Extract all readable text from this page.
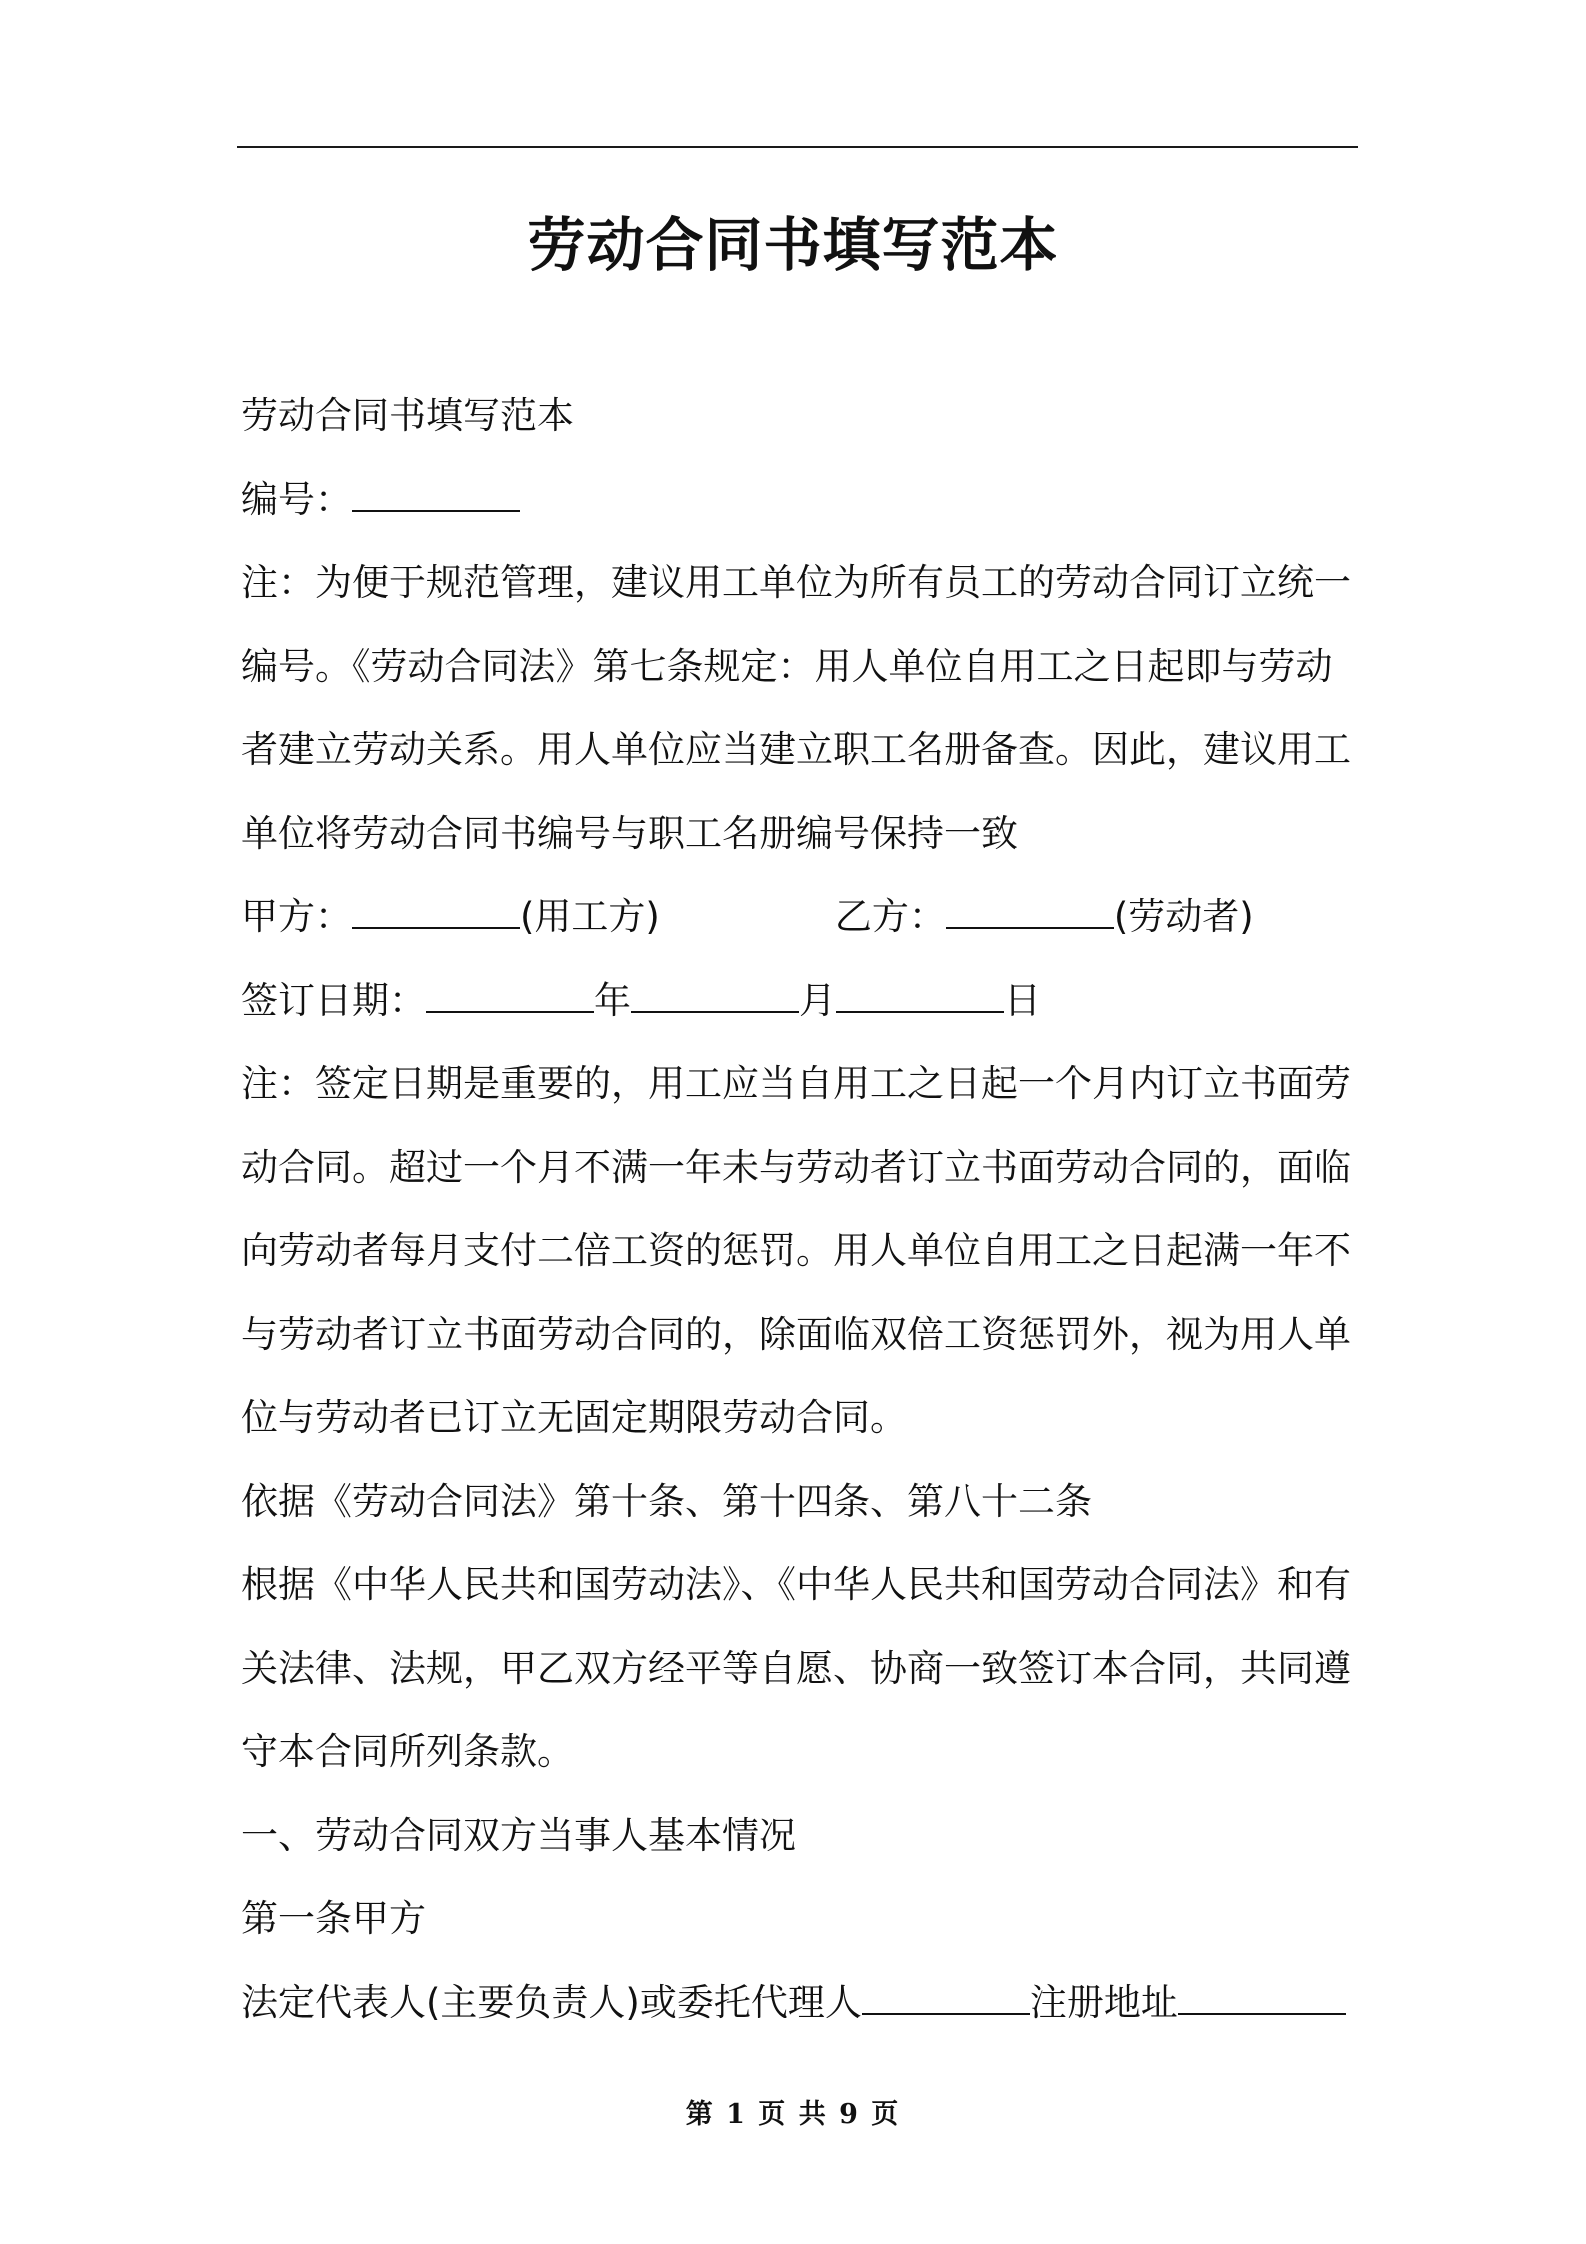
劳动合同书填写范本
劳动合同书填写范本
编号：
注：为便于规范管理，建议用工单位为所有员工的劳动合同订立统一
编号。《劳动合同法》第七条规定：用人单位自用工之日起即与劳动
者建立劳动关系。用人单位应当建立职工名册备查。因此，建议用工
单位将劳动合同书编号与职工名册编号保持一致
甲方：	(用工方)	乙方：	(劳动者)
签订日期：	年	月	日
注：签定日期是重要的，用工应当自用工之日起一个月内订立书面劳
动合同。超过一个月不满一年未与劳动者订立书面劳动合同的，面临
向劳动者每月支付二倍工资的惩罚。用人单位自用工之日起满一年不
与劳动者订立书面劳动合同的，除面临双倍工资惩罚外，视为用人单
位与劳动者已订立无固定期限劳动合同。
依据《劳动合同法》第十条、第十四条、第八十二条
根据《中华人民共和国劳动法》、《中华人民共和国劳动合同法》和有
关法律、法规，甲乙双方经平等自愿、协商一致签订本合同，共同遵
守本合同所列条款。
一、劳动合同双方当事人基本情况
第一条甲方
法定代表人(主要负责人)或委托代理人	注册地址
第 1 页 共 9 页
